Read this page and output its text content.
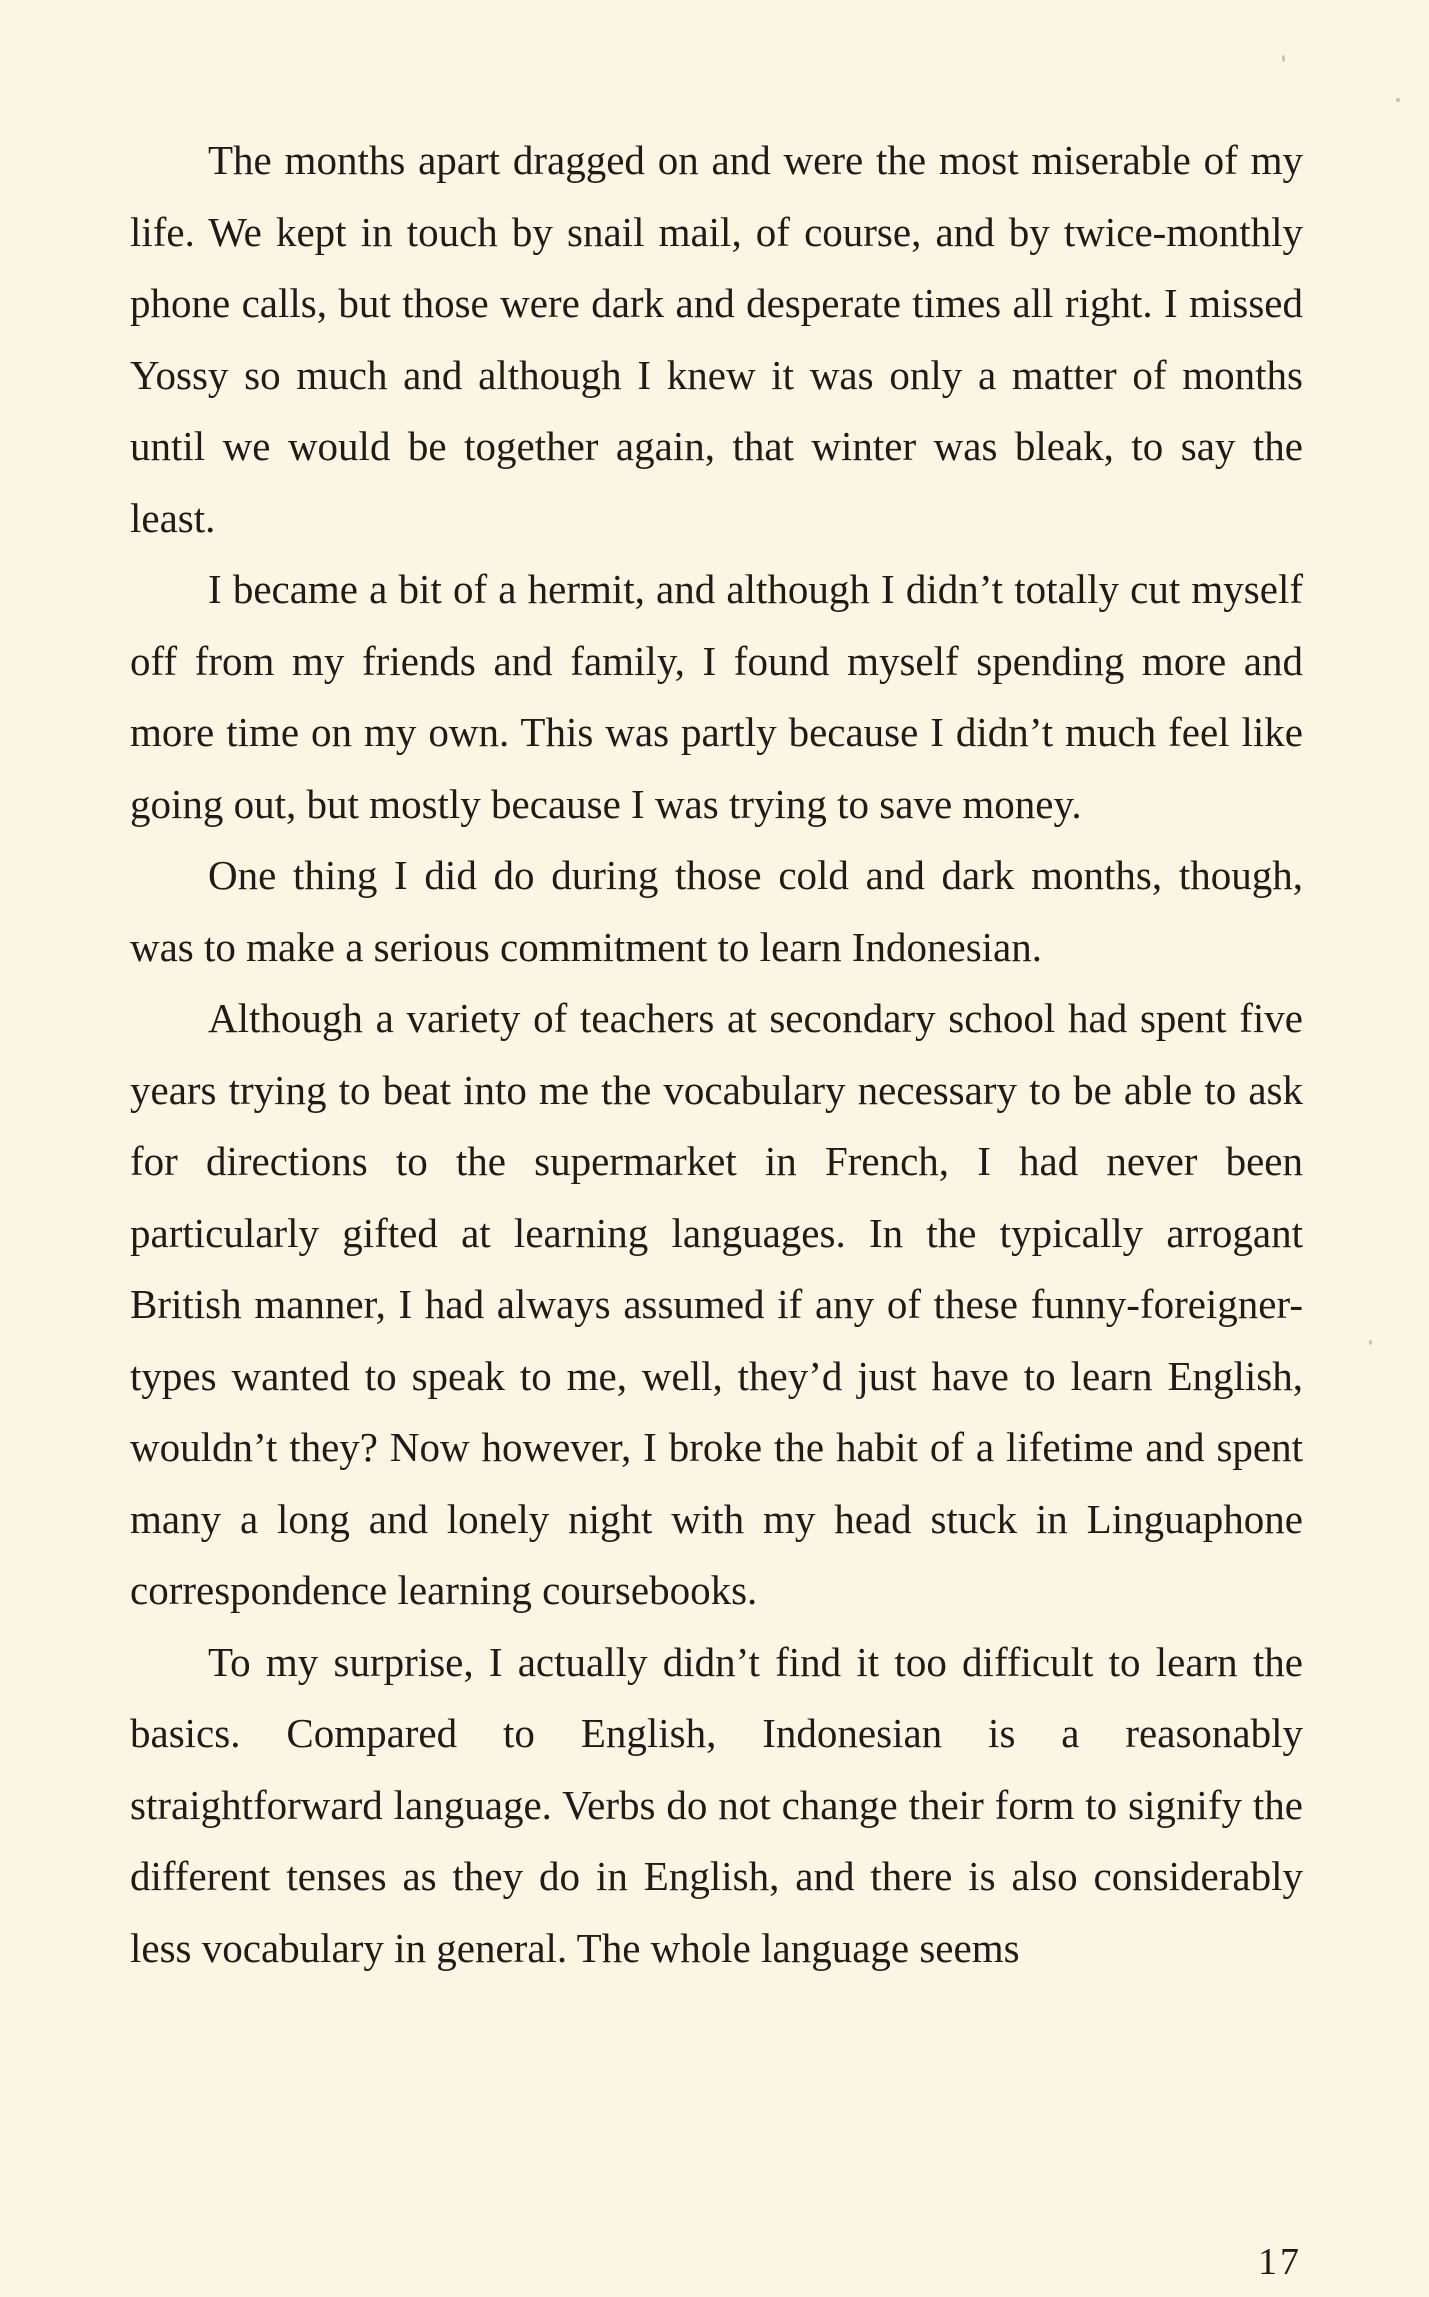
The months apart dragged on and were the most miserable of my life. We kept in touch by snail mail, of course, and by twice-monthly phone calls, but those were dark and desperate times all right. I missed Yossy so much and although I knew it was only a matter of months until we would be together again, that winter was bleak, to say the least.

I became a bit of a hermit, and although I didn’t totally cut myself off from my friends and family, I found myself spending more and more time on my own. This was partly because I didn’t much feel like going out, but mostly because I was trying to save money.

One thing I did do during those cold and dark months, though, was to make a serious commitment to learn Indonesian.

Although a variety of teachers at secondary school had spent five years trying to beat into me the vocabulary necessary to be able to ask for directions to the supermarket in French, I had never been particularly gifted at learning languages. In the typically arrogant British manner, I had always assumed if any of these funny-foreigner-types wanted to speak to me, well, they’d just have to learn English, wouldn’t they? Now however, I broke the habit of a lifetime and spent many a long and lonely night with my head stuck in Linguaphone correspondence learning coursebooks.

To my surprise, I actually didn’t find it too difficult to learn the basics. Compared to English, Indonesian is a reasonably straightforward language. Verbs do not change their form to signify the different tenses as they do in English, and there is also considerably less vocabulary in general. The whole language seems

17
